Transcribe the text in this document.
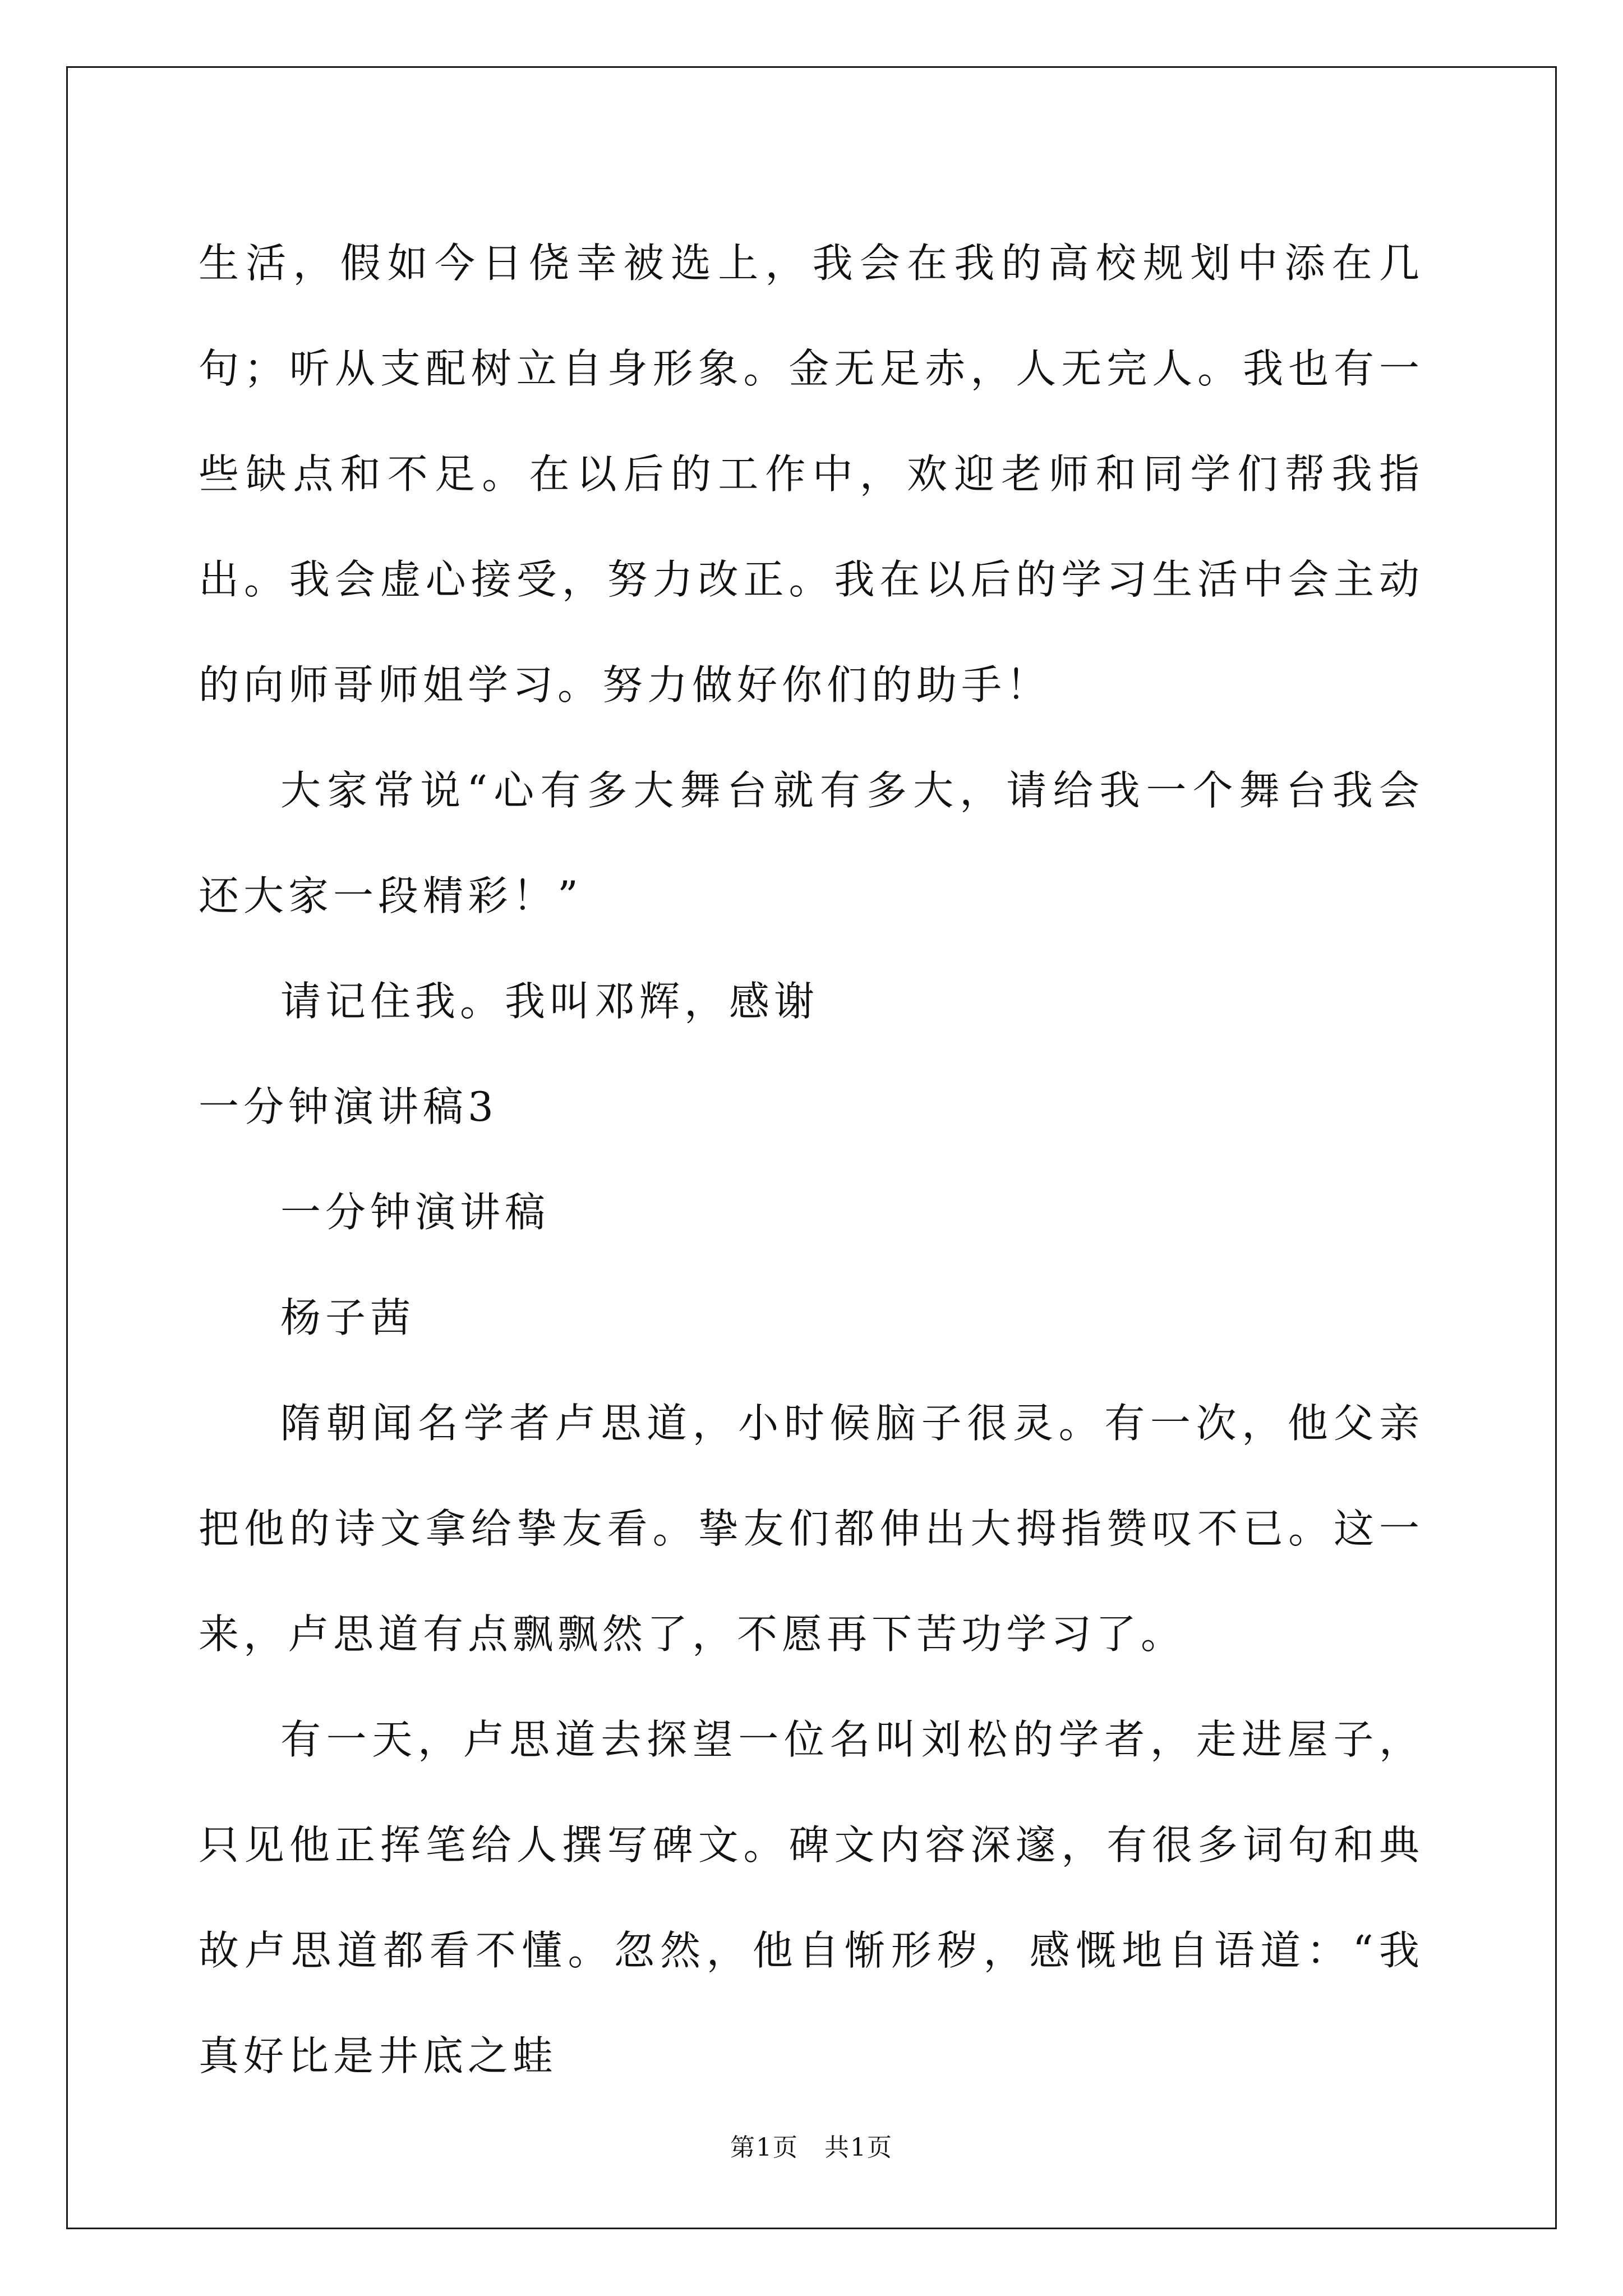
生活，假如今日侥幸被选上，我会在我的高校规划中添在几句；听从支配树立自身形象。金无足赤，人无完人。我也有一些缺点和不足。在以后的工作中，欢迎老师和同学们帮我指出。我会虚心接受，努力改正。我在以后的学习生活中会主动的向师哥师姐学习。努力做好你们的助手！

大家常说“心有多大舞台就有多大，请给我一个舞台我会还大家一段精彩！”

请记住我。我叫邓辉，感谢

一分钟演讲稿3

一分钟演讲稿

杨子茜

隋朝闻名学者卢思道，小时候脑子很灵。有一次，他父亲把他的诗文拿给挚友看。挚友们都伸出大拇指赞叹不已。这一来，卢思道有点飘飘然了，不愿再下苦功学习了。

有一天，卢思道去探望一位名叫刘松的学者，走进屋子，只见他正挥笔给人撰写碑文。碑文内容深邃，有很多词句和典故卢思道都看不懂。忽然，他自惭形秽，感慨地自语道：“我真好比是井底之蛙

第1页　共1页
